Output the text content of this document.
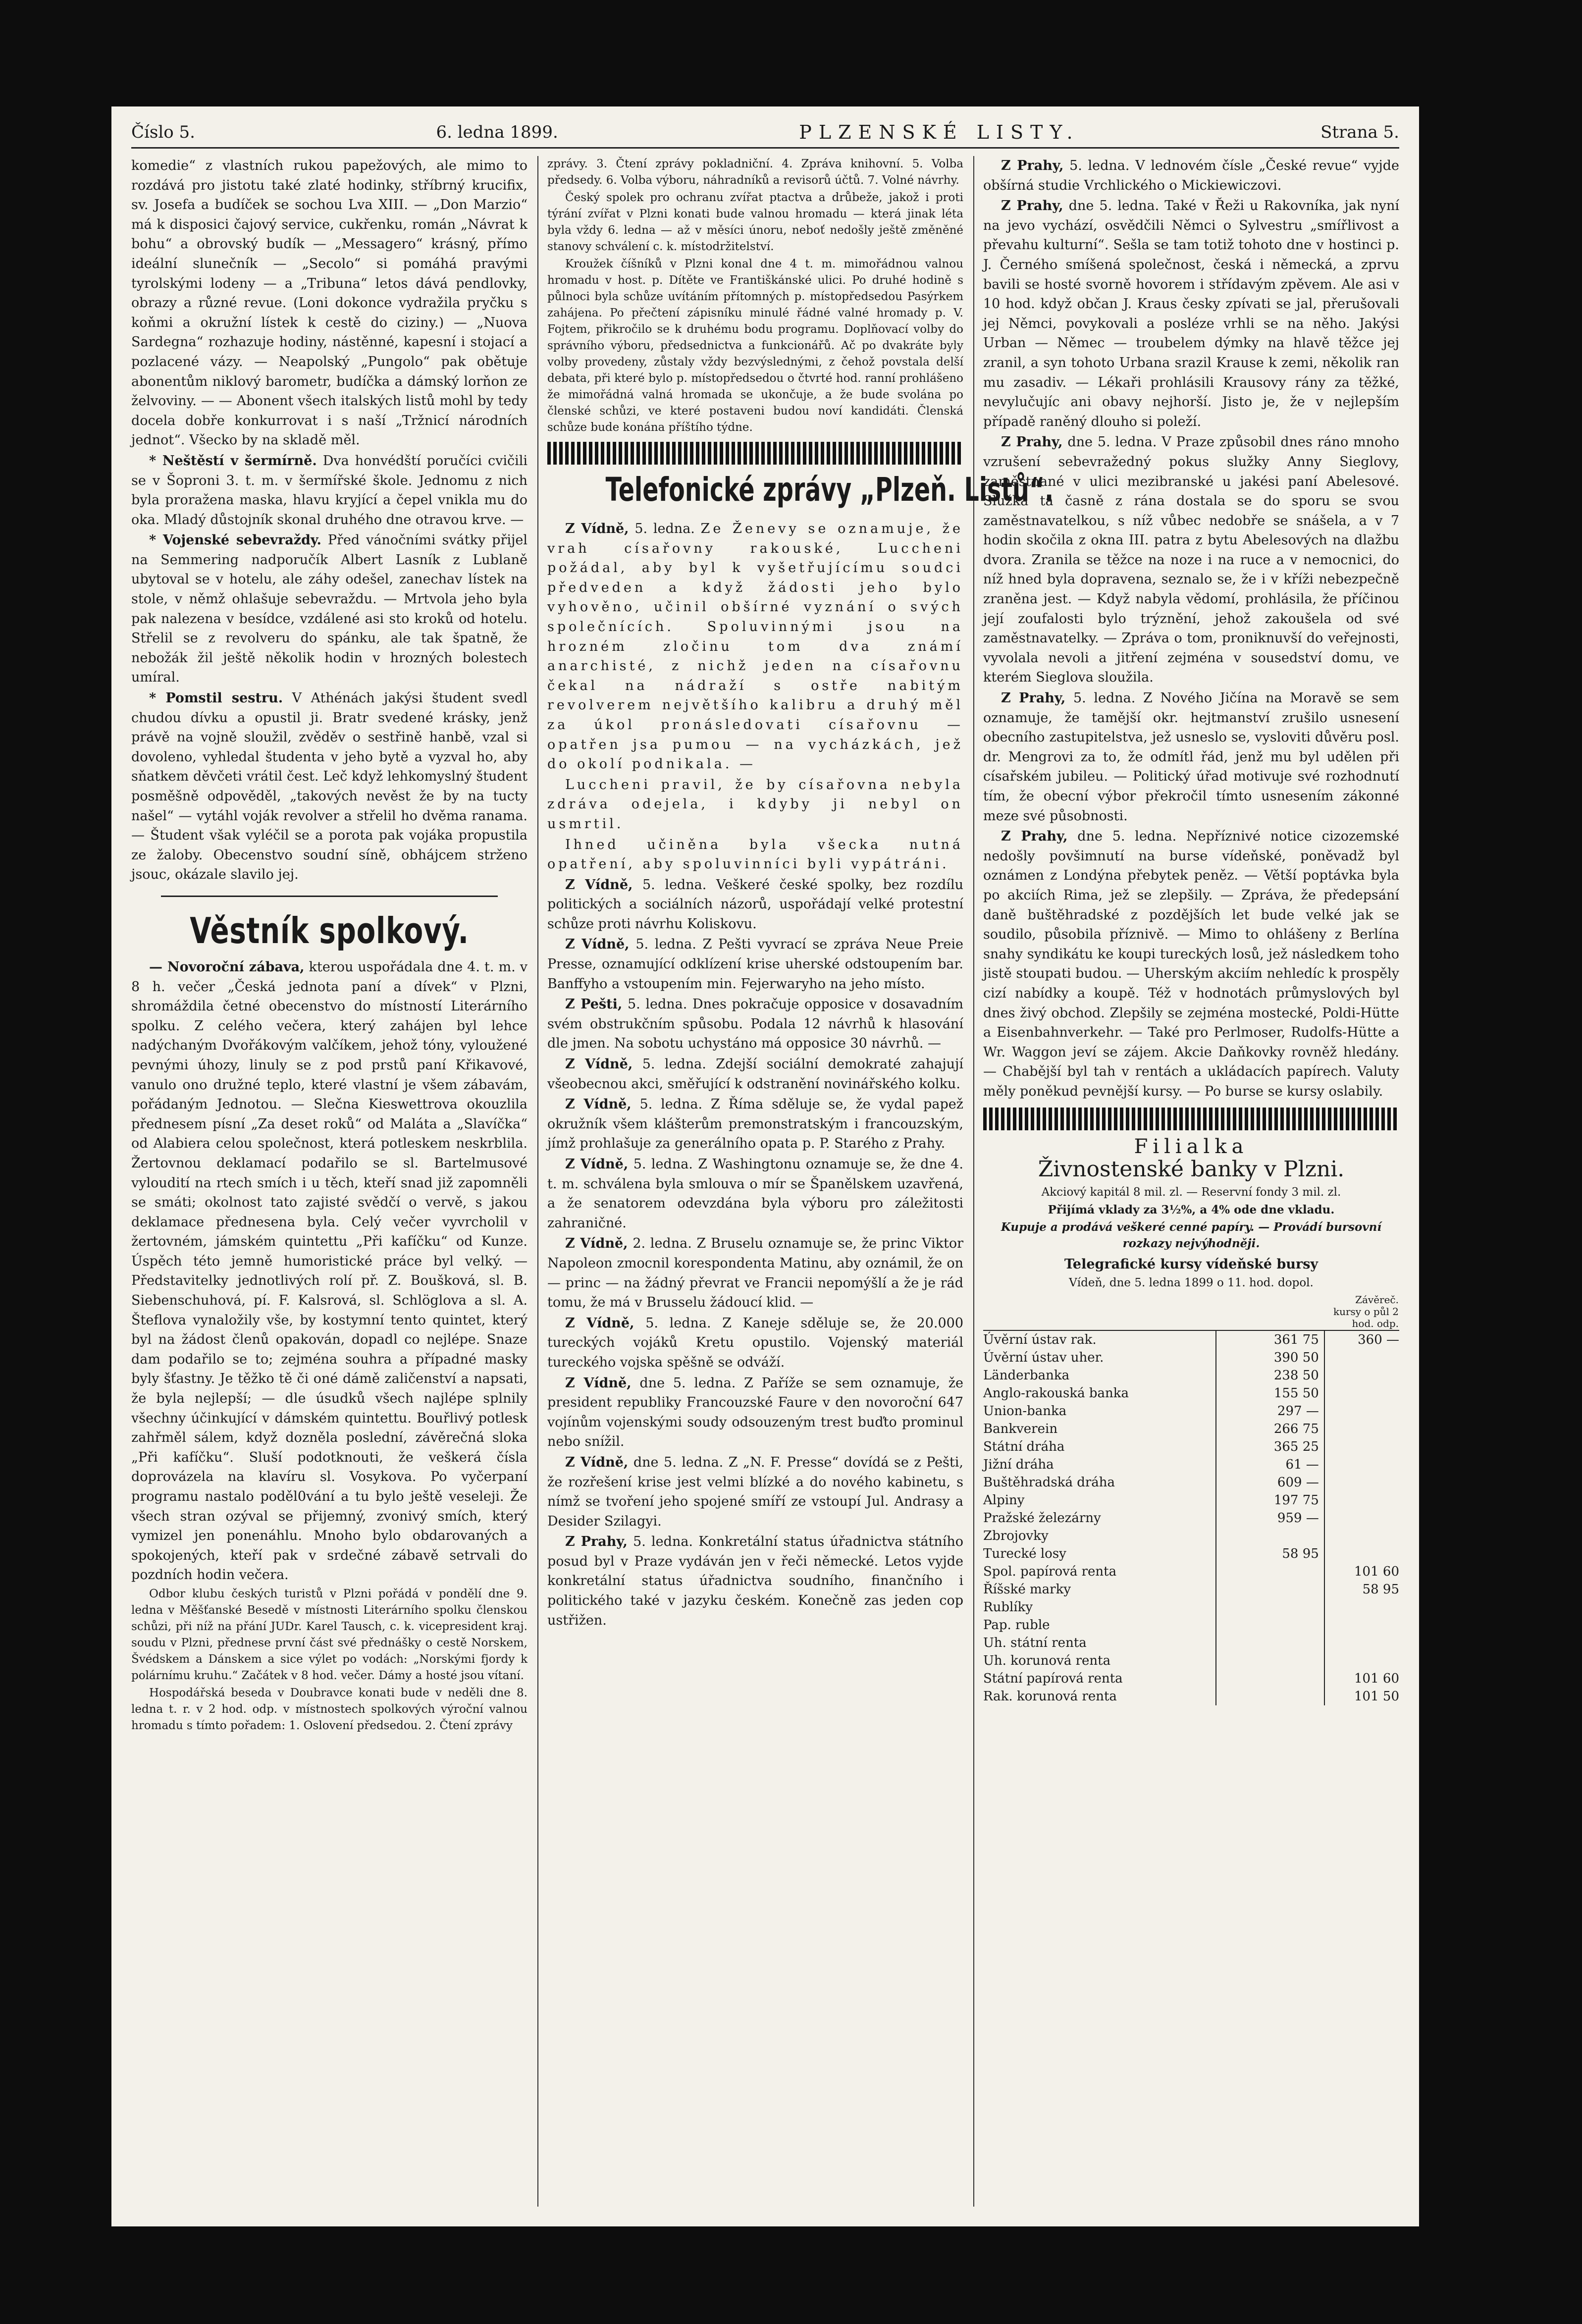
Číslo 5.	6. ledna 1899.	PLZENSKÉ LISTY.	Strana 5.

komedie“ z vlastních rukou papežových, ale mimo to rozdává pro jistotu také zlaté hodinky, stříbrný krucifix, sv. Josefa a budíček se sochou Lva XIII. — „Don Marzio“ má k disposici čajový service, cukřenku, román „Návrat k bohu“ a obrovský budík — „Messagero“ krásný, přímo ideální slunečník — „Secolo“ si pomáhá pravými tyrolskými lodeny — a „Tribuna“ letos dává pendlovky, obrazy a různé revue. (Loni dokonce vydražila pryčku s koňmi a okružní lístek k cestě do ciziny.) — „Nuova Sardegna“ rozhazuje hodiny, nástěnné, kapesní i stojací a pozlacené vázy. — Neapolský „Pungolo“ pak obětuje abonentům niklový barometr, budíčka a dámský lorňon ze želvoviny. — — Abonent všech italských listů mohl by tedy docela dobře konkurrovat i s naší „Tržnicí národních jednot“. Všecko by na skladě měl.

* Neštěstí v šermírně. Dva honvédští poručíci cvičili se v Šoproni 3. t. m. v šermířské škole. Jednomu z nich byla proražena maska, hlavu kryjící a čepel vnikla mu do oka. Mladý důstojník skonal druhého dne otravou krve. —

* Vojenské sebevraždy. Před vánočními svátky přijel na Semmering nadporučík Albert Lasník z Lublaně ubytoval se v hotelu, ale záhy odešel, zanechav lístek na stole, v němž ohlašuje sebevraždu. — Mrtvola jeho byla pak nalezena v besídce, vzdálené asi sto kroků od hotelu. Střelil se z revolveru do spánku, ale tak špatně, že nebožák žil ještě několik hodin v hrozných bolestech umíral.

* Pomstil sestru. V Athénách jakýsi študent svedl chudou dívku a opustil ji. Bratr svedené krásky, jenž právě na vojně sloužil, zvěděv o sestřině hanbě, vzal si dovoleno, vyhledal študenta v jeho bytě a vyzval ho, aby sňatkem děvčeti vrátil čest. Leč když lehkomyslný študent posměšně odpověděl, „takových nevěst že by na tucty našel“ — vytáhl voják revolver a střelil ho dvěma ranama. — Študent však vyléčil se a porota pak vojáka propustila ze žaloby. Obecenstvo soudní síně, obhájcem strženo jsouc, okázale slavilo jej.

Věstník spolkový.

— Novoroční zábava, kterou uspořádala dne 4. t. m. v 8 h. večer „Česká jednota paní a dívek“ v Plzni, shromáždila četné obecenstvo do místností Literárního spolku. Z celého večera, který zahájen byl lehce nadýchaným Dvořákovým valčíkem, jehož tóny, vyloužené pevnými úhozy, linuly se z pod prstů paní Křikavové, vanulo ono družné teplo, které vlastní je všem zábavám, pořádaným Jednotou. — Slečna Kieswettrova okouzlila přednesem písní „Za deset roků“ od Maláta a „Slavíčka“ od Alabiera celou společnost, která potleskem neskrblila. Žertovnou deklamací podařilo se sl. Bartelmusové vyloudití na rtech smích i u těch, kteří snad již zapomněli se smáti; okolnost tato zajisté svědčí o vervě, s jakou deklamace přednesena byla. Celý večer vyvrcholil v žertovném, jámském quintettu „Při kafíčku“ od Kunze. Úspěch této jemně humoristické práce byl velký. — Představitelky jednotlivých rolí př. Z. Boušková, sl. B. Siebenschuhová, pí. F. Kalsrová, sl. Schlöglova a sl. A. Šteflova vynaložily vše, by kostymní tento quintet, který byl na žádost členů opakován, dopadl co nejlépe. Snaze dam podařilo se to; zejména souhra a případné masky byly šťastny. Je těžko tě či oné dámě zaličenství a napsati, že byla nejlepší; — dle úsudků všech najlépe splnily všechny účinkující v dámském quintettu. Bouřlivý potlesk zahřměl sálem, když dozněla poslední, závěrečná sloka „Při kafíčku“. Sluší podotknouti, že veškerá čísla doprovázela na klavíru sl. Vosykova. Po vyčerpaní programu nastalo poděl0vání a tu bylo ještě veseleji. Že všech stran ozýval se přijemný, zvonivý smích, který vymizel jen ponenáhlu. Mnoho bylo obdarovaných a spokojených, kteří pak v srdečné zábavě setrvali do pozdních hodin večera.

Odbor klubu českých turistů v Plzni pořádá v pondělí dne 9. ledna v Měšťanské Besedě v místnosti Literárního spolku členskou schůzi, při níž na přání JUDr. Karel Tausch, c. k. vicepresident kraj. soudu v Plzni, přednese první část své přednášky o cestě Norskem, Švédskem a Dánskem a sice výlet po vodách: „Norskými fjordy k polárnímu kruhu.“ Začátek v 8 hod. večer. Dámy a hosté jsou vítaní.

Hospodářská beseda v Doubravce konati bude v neděli dne 8. ledna t. r. v 2 hod. odp. v místnostech spolkových výroční valnou hromadu s tímto pořadem: 1. Oslovení předsedou. 2. Čtení zprávy

zprávy. 3. Čtení zprávy pokladniční. 4. Zpráva knihovní. 5. Volba předsedy. 6. Volba výboru, náhradníků a revisorů účtů. 7. Volné návrhy.

Český spolek pro ochranu zvířat ptactva a drůbeže, jakož i proti týrání zvířat v Plzni konati bude valnou hromadu — která jinak léta byla vždy 6. ledna — až v měsíci únoru, neboť nedošly ještě změněné stanovy schválení c. k. místodržitelství.

Kroužek číšníků v Plzni konal dne 4 t. m. mimořádnou valnou hromadu v host. p. Dítěte ve Františkánské ulici. Po druhé hodině s půlnoci byla schůze uvítáním přítomných p. místopředsedou Pasýrkem zahájena. Po přečtení zápisníku minulé řádné valné hromady p. V. Fojtem, přikročilo se k druhému bodu programu. Doplňovací volby do správního výboru, předsednictva a funkcionářů. Ač po dvakráte byly volby provedeny, zůstaly vždy bezvýslednými, z čehož povstala delší debata, při které bylo p. místopředsedou o čtvrté hod. ranní prohlášeno že mimořádná valná hromada se ukončuje, a že bude svolána po členské schůzi, ve které postaveni budou noví kandidáti. Členská schůze bude konána příštího týdne.

Telefonické zprávy „Plzeň. Listů“.

Z Vídně, 5. ledna. Ze Ženevy se oznamuje, že vrah císařovny rakouské, Luccheni požádal, aby byl k vyšetřujícímu soudci předveden a když žádosti jeho bylo vyhověno, učinil obšírné vyznání o svých společnících. Spoluvinnými jsou na hrozném zločinu tom dva známí anarchisté, z nichž jeden na císařovnu čekal na nádraží s ostře nabitým revolverem největšího kalibru a druhý měl za úkol pronásledovati císařovnu — opatřen jsa pumou — na vycházkách, jež do okolí podnikala. —

Luccheni pravil, že by císařovna nebyla zdráva odejela, i kdyby ji nebyl on usmrtil.

Ihned učiněna byla všecka nutná opatření, aby spoluvinníci byli vypátráni.

Z Vídně, 5. ledna. Veškeré české spolky, bez rozdílu politických a sociálních názorů, uspořádají velké protestní schůze proti návrhu Koliskovu.

Z Vídně, 5. ledna. Z Pešti vyvrací se zpráva Neue Preie Presse, oznamující odklízení krise uherské odstoupením bar. Banffyho a vstoupením min. Fejerwaryho na jeho místo.

Z Pešti, 5. ledna. Dnes pokračuje opposice v dosavadním svém obstrukčním spůsobu. Podala 12 návrhů k hlasování dle jmen. Na sobotu uchystáno má opposice 30 návrhů. —

Z Vídně, 5. ledna. Zdejší sociální demokraté zahajují všeobecnou akci, směřující k odstranění novinářského kolku.

Z Vídně, 5. ledna. Z Říma sděluje se, že vydal papež okružník všem klášterům premonstratským i francouzským, jímž prohlašuje za generálního opata p. P. Starého z Prahy.

Z Vídně, 5. ledna. Z Washingtonu oznamuje se, že dne 4. t. m. schválena byla smlouva o mír se Španělskem uzavřená, a že senatorem odevzdána byla výboru pro záležitosti zahraničné.

Z Vídně, 2. ledna. Z Bruselu oznamuje se, že princ Viktor Napoleon zmocnil korespondenta Matinu, aby oznámil, že on — princ — na žádný převrat ve Francii nepomýšlí a že je rád tomu, že má v Brusselu žádoucí klid. —

Z Vídně, 5. ledna. Z Kaneje sděluje se, že 20.000 tureckých vojáků Kretu opustilo. Vojenský materiál tureckého vojska spěšně se odváží.

Z Vídně, dne 5. ledna. Z Paříže se sem oznamuje, že president republiky Francouzské Faure v den novoroční 647 vojínům vojenskými soudy odsouzeným trest buďto prominul nebo snížil.

Z Vídně, dne 5. ledna. Z „N. F. Presse“ dovídá se z Pešti, že rozřešení krise jest velmi blízké a do nového kabinetu, s nímž se tvoření jeho spojené smíří ze vstoupí Jul. Andrasy a Desider Szilagyi.

Z Prahy, 5. ledna. Konkretální status úřadnictva státního posud byl v Praze vydáván jen v řeči německé. Letos vyjde konkretální status úřadnictva soudního, finančního i politického také v jazyku českém. Konečně zas jeden cop ustřižen.

Z Prahy, 5. ledna. V lednovém čísle „České revue“ vyjde obšírná studie Vrchlického o Mickiewiczovi.

Z Prahy, dne 5. ledna. Také v Řeži u Rakovníka, jak nyní na jevo vychází, osvědčili Němci o Sylvestru „smířlivost a převahu kulturní“. Sešla se tam totiž tohoto dne v hostinci p. J. Černého smíšená společnost, česká i německá, a zprvu bavili se hosté svorně hovorem i střídavým zpěvem. Ale asi v 10 hod. když občan J. Kraus česky zpívati se jal, přerušovali jej Němci, povykovali a posléze vrhli se na něho. Jakýsi Urban — Němec — troubelem dýmky na hlavě těžce jej zranil, a syn tohoto Urbana srazil Krause k zemi, několik ran mu zasadiv. — Lékaři prohlásili Krausovy rány za těžké, nevylučujíc ani obavy nejhorší. Jisto je, že v nejlepším případě raněný dlouho si poleží.

Z Prahy, dne 5. ledna. V Praze způsobil dnes ráno mnoho vzrušení sebevražedný pokus služky Anny Sieglovy, zaměstnané v ulici mezibranské u jakési paní Abelesové. Služka ta časně z rána dostala se do sporu se svou zaměstnavatelkou, s níž vůbec nedobře se snášela, a v 7 hodin skočila z okna III. patra z bytu Abelesových na dlažbu dvora. Zranila se těžce na noze i na ruce a v nemocnici, do níž hned byla dopravena, seznalo se, že i v kříži nebezpečně zraněna jest. — Když nabyla vědomí, prohlásila, že příčinou její zoufalosti bylo trýznění, jehož zakoušela od své zaměstnavatelky. — Zpráva o tom, proniknuvší do veřejnosti, vyvolala nevoli a jitření zejména v sousedství domu, ve kterém Sieglova sloužila.

Z Prahy, 5. ledna. Z Nového Jičína na Moravě se sem oznamuje, že tamější okr. hejtmanství zrušilo usnesení obecního zastupitelstva, jež usneslo se, vysloviti důvěru posl. dr. Mengrovi za to, že odmítl řád, jenž mu byl udělen při císařském jubileu. — Politický úřad motivuje své rozhodnutí tím, že obecní výbor překročil tímto usnesením zákonné meze své působnosti.

Z Prahy, dne 5. ledna. Nepříznivé notice cizozemské nedošly povšimnutí na burse vídeňské, poněvadž byl oznámen z Londýna přebytek peněz. — Větší poptávka byla po akciích Rima, jež se zlepšily. — Zpráva, že předepsání daně buštěhradské z pozdějších let bude velké jak se soudilo, působila příznivě. — Mimo to ohlášeny z Berlína snahy syndikátu ke koupi tureckých losů, jež následkem toho jistě stoupati budou. — Uherským akciím nehledíc k prospěly cizí nabídky a koupě. Též v hodnotách průmyslových byl dnes živý obchod. Zlepšily se zejména mostecké, Poldi-Hütte a Eisenbahnverkehr. — Také pro Perlmoser, Rudolfs-Hütte a Wr. Waggon jeví se zájem. Akcie Daňkovky rovněž hledány. — Chabější byl tah v rentách a ukládacích papírech. Valuty měly poněkud pevnější kursy. — Po burse se kursy oslabily.

Filialka
Živnostenské banky v Plzni.

Akciový kapitál 8 mil. zl. — Reservní fondy 3 mil. zl.

Přijímá vklady za 3½%, a 4% ode dne vkladu.

Kupuje a prodává veškeré cenné papíry. — Provádí bursovní rozkazy nejvýhodněji.

Telegrafické kursy vídeňské bursy

Vídeň, dne 5. ledna 1899 o 11. hod. dopol.

		Závěreč. kursy o půl 2 hod. odp.
Úvěrní ústav rak.	361 75	360 —
Úvěrní ústav uher.	390 50	
Länderbanka	238 50	
Anglo-rakouská banka	155 50	
Union-banka	297 —	
Bankverein	266 75	
Státní dráha	365 25	
Jižní dráha	61 —	
Buštěhradská dráha	609 —	
Alpiny	197 75	
Pražské železárny	959 —	
Zbrojovky		
Turecké losy	58 95	
Spol. papírová renta		101 60
Říšské marky		58 95
Rublíky		
Pap. ruble		
Uh. státní renta		
Uh. korunová renta		
Státní papírová renta		101 60
Rak. korunová renta		101 50
